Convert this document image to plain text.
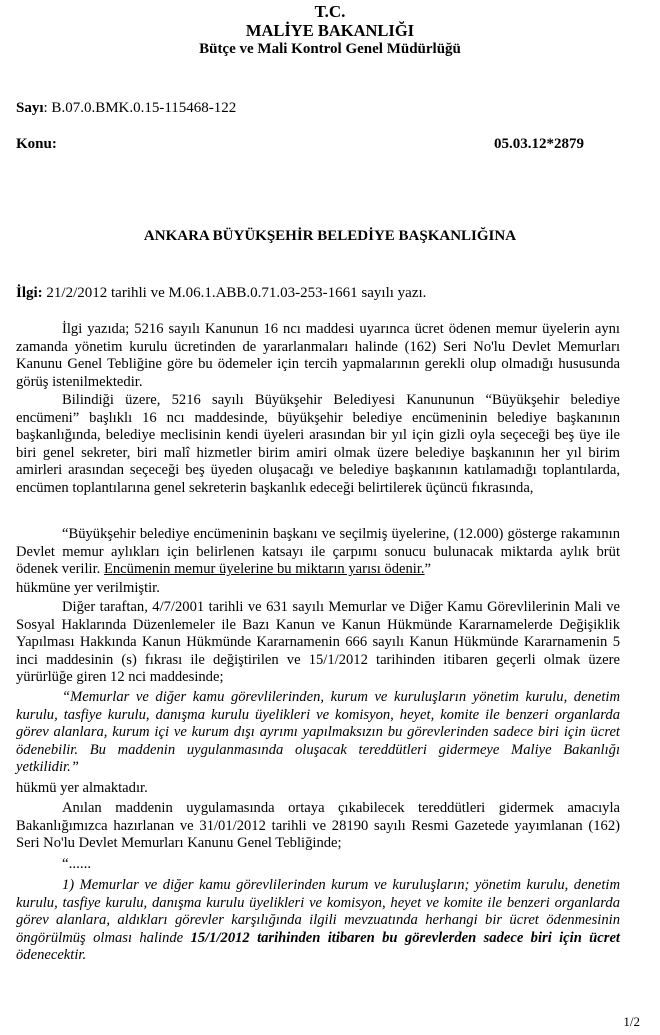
T.C.
MALİYE BAKANLIĞI
Bütçe ve Mali Kontrol Genel Müdürlüğü
Sayı: B.07.0.BMK.0.15-115468-122
Konu:	05.03.12*2879
ANKARA BÜYÜKŞEHİR BELEDİYE BAŞKANLIĞINA
İlgi: 21/2/2012 tarihli ve M.06.1.ABB.0.71.03-253-1661 sayılı yazı.
İlgi yazıda; 5216 sayılı Kanunun 16 ncı maddesi uyarınca ücret ödenen memur üyelerin aynı zamanda yönetim kurulu ücretinden de yararlanmaları halinde (162) Seri No'lu Devlet Memurları Kanunu Genel Tebliğine göre bu ödemeler için tercih yapmalarının gerekli olup olmadığı hususunda görüş istenilmektedir.
Bilindiği üzere, 5216 sayılı Büyükşehir Belediyesi Kanununun “Büyükşehir belediye encümeni” başlıklı 16 ncı maddesinde, büyükşehir belediye encümeninin belediye başkanının başkanlığında, belediye meclisinin kendi üyeleri arasından bir yıl için gizli oyla seçeceği beş üye ile biri genel sekreter, biri malî hizmetler birim amiri olmak üzere belediye başkanının her yıl birim amirleri arasından seçeceği beş üyeden oluşacağı ve belediye başkanının katılamadığı toplantılarda, encümen toplantılarına genel sekreterin başkanlık edeceği belirtilerek üçüncü fıkrasında,
“Büyükşehir belediye encümeninin başkanı ve seçilmiş üyelerine, (12.000) gösterge rakamının Devlet memur aylıkları için belirlenen katsayı ile çarpımı sonucu bulunacak miktarda aylık brüt ödenek verilir. Encümenin memur üyelerine bu miktarın yarısı ödenir.”
hükmüne yer verilmiştir.
Diğer taraftan, 4/7/2001 tarihli ve 631 sayılı Memurlar ve Diğer Kamu Görevlilerinin Mali ve Sosyal Haklarında Düzenlemeler ile Bazı Kanun ve Kanun Hükmünde Kararnamelerde Değişiklik Yapılması Hakkında Kanun Hükmünde Kararnamenin 666 sayılı Kanun Hükmünde Kararnamenin 5 inci maddesinin (s) fıkrası ile değiştirilen ve 15/1/2012 tarihinden itibaren geçerli olmak üzere yürürlüğe giren 12 nci maddesinde;
“Memurlar ve diğer kamu görevlilerinden, kurum ve kuruluşların yönetim kurulu, denetim kurulu, tasfiye kurulu, danışma kurulu üyelikleri ve komisyon, heyet, komite ile benzeri organlarda görev alanlara, kurum içi ve kurum dışı ayrımı yapılmaksızın bu görevlerinden sadece biri için ücret ödenebilir. Bu maddenin uygulanmasında oluşacak tereddütleri gidermeye Maliye Bakanlığı yetkilidir.”
hükmü yer almaktadır.
Anılan maddenin uygulamasında ortaya çıkabilecek tereddütleri gidermek amacıyla Bakanlığımızca hazırlanan ve 31/01/2012 tarihli ve 28190 sayılı Resmi Gazetede yayımlanan (162) Seri No'lu Devlet Memurları Kanunu Genel Tebliğinde;
“......
1) Memurlar ve diğer kamu görevlilerinden kurum ve kuruluşların; yönetim kurulu, denetim kurulu, tasfiye kurulu, danışma kurulu üyelikleri ve komisyon, heyet ve komite ile benzeri organlarda görev alanlara, aldıkları görevler karşılığında ilgili mevzuatında herhangi bir ücret ödenmesinin öngörülmüş olması halinde 15/1/2012 tarihinden itibaren bu görevlerden sadece biri için ücret ödenecektir.
1/2
